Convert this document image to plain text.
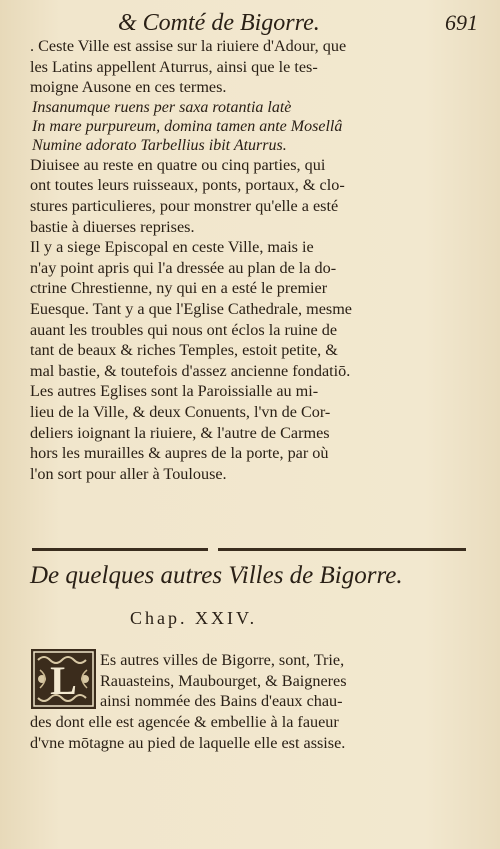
& Comté de Bigorre.	691
. Ceste Ville est assise sur la riuiere d'Adour, que
les Latins appellent Aturrus, ainsi que le tes-
moigne Ausone en ces termes.
Insanumque ruens per saxa rotantia latè
In mare purpureum, domina tamen ante Mosellâ
Numine adorato Tarbellius ibit Aturrus.
Diuisee au reste en quatre ou cinq parties, qui
ont toutes leurs ruisseaux, ponts, portaux, & clo-
stures particulieres, pour monstrer qu'elle a esté
bastie à diuerses reprises.
Il y a siege Episcopal en ceste Ville, mais ie
n'ay point apris qui l'a dressée au plan de la do-
ctrine Chrestienne, ny qui en a esté le premier
Euesque. Tant y a que l'Eglise Cathedrale, mesme
auant les troubles qui nous ont éclos la ruine de
tant de beaux & riches Temples, estoit petite, &
mal bastie, & toutefois d'assez ancienne fondatiō.
Les autres Eglises sont la Paroissialle au mi-
lieu de la Ville, & deux Conuents, l'vn de Cor-
deliers ioignant la riuiere, & l'autre de Carmes
hors les murailles & aupres de la porte, par où
l'on sort pour aller à Toulouse.
De quelques autres Villes de Bigorre.
Chap. XXIV.
L Es autres villes de Bigorre, sont, Trie,
Rauasteins, Maubourget, & Baigneres
ainsi nommée des Bains d'eaux chau-
des dont elle est agencée & embellie à la faueur
d'vne mōtagne au pied de laquelle elle est assise.
